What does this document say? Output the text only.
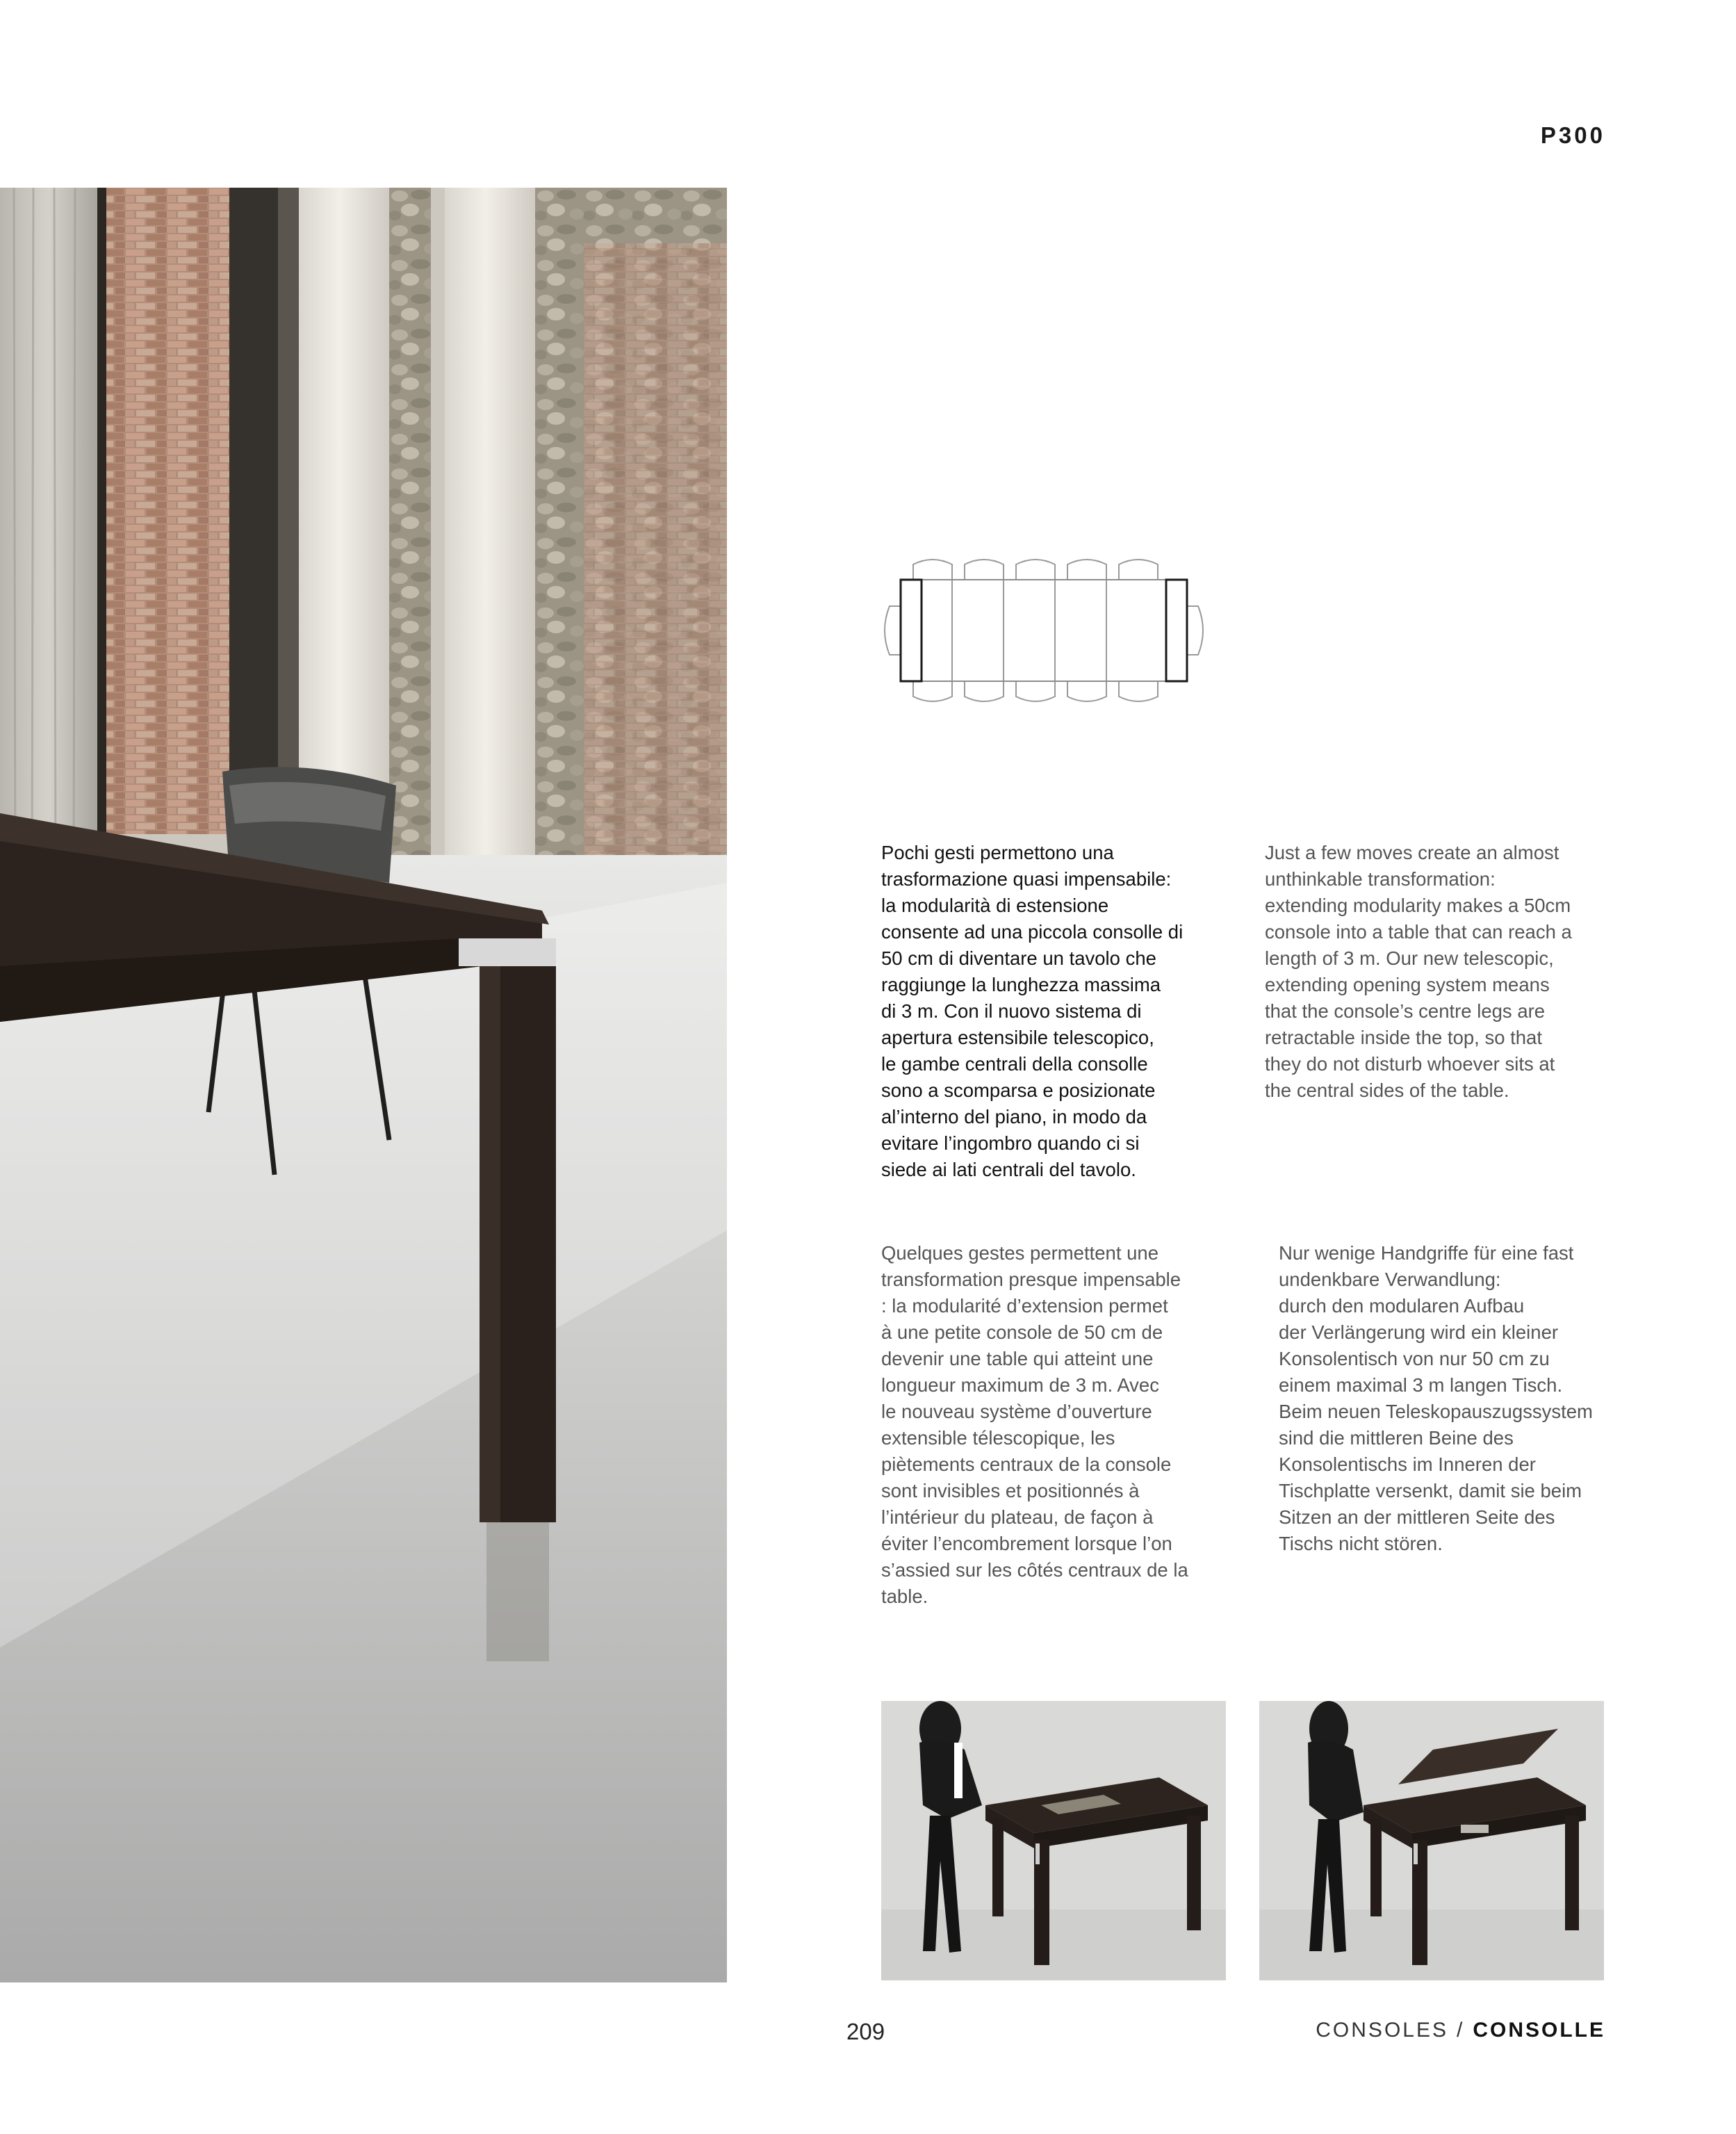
P300

Pochi gesti permettono una
trasformazione quasi impensabile:
la modularità di estensione
consente ad una piccola consolle di
50 cm di diventare un tavolo che
raggiunge la lunghezza massima
di 3 m. Con il nuovo sistema di
apertura estensibile telescopico,
le gambe centrali della consolle
sono a scomparsa e posizionate
al’interno del piano, in modo da
evitare l’ingombro quando ci si
siede ai lati centrali del tavolo.

Just a few moves create an almost
unthinkable transformation:
extending modularity makes a 50cm
console into a table that can reach a
length of 3 m. Our new telescopic,
extending opening system means
that the console’s centre legs are
retractable inside the top, so that
they do not disturb whoever sits at
the central sides of the table.

Quelques gestes permettent une
transformation presque impensable
: la modularité d’extension permet
à une petite console de 50 cm de
devenir une table qui atteint une
longueur maximum de 3 m. Avec
le nouveau système d’ouverture
extensible télescopique, les
piètements centraux de la console
sont invisibles et positionnés à
l’intérieur du plateau, de façon à
éviter l’encombrement lorsque l’on
s’assied sur les côtés centraux de la
table.

Nur wenige Handgriffe für eine fast
undenkbare Verwandlung:
durch den modularen Aufbau
der Verlängerung wird ein kleiner
Konsolentisch von nur 50 cm zu
einem maximal 3 m langen Tisch.
Beim neuen Teleskopauszugssystem
sind die mittleren Beine des
Konsolentischs im Inneren der
Tischplatte versenkt, damit sie beim
Sitzen an der mittleren Seite des
Tischs nicht stören.

209	CONSOLES / CONSOLLE
